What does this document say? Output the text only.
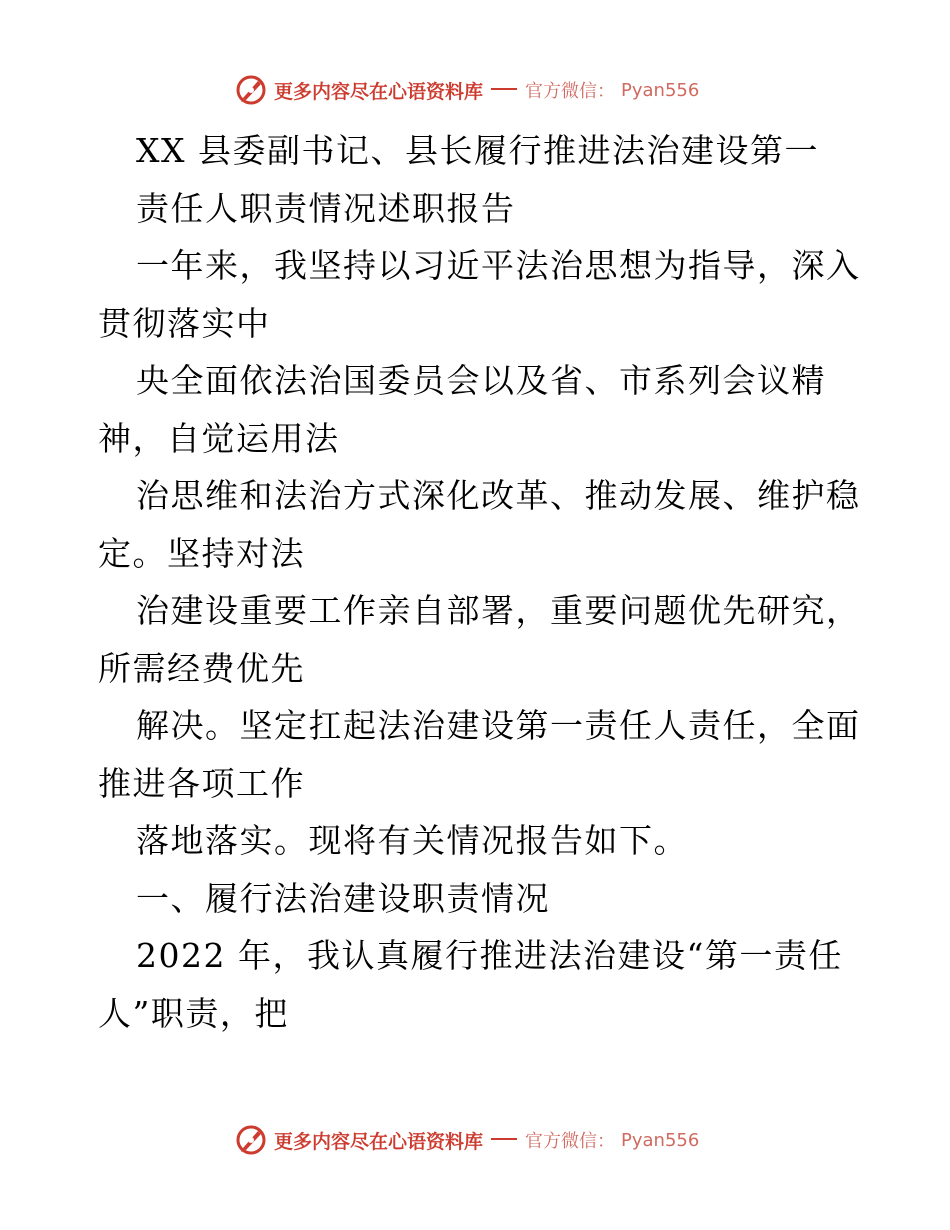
更多内容尽在心语资料库 官方微信： Pyan556
XX 县委副书记、县长履行推进法治建设第一
责任人职责情况述职报告
一年来，我坚持以习近平法治思想为指导，深入
贯彻落实中
央全面依法治国委员会以及省、市系列会议精
神，自觉运用法
治思维和法治方式深化改革、推动发展、维护稳
定。坚持对法
治建设重要工作亲自部署，重要问题优先研究，
所需经费优先
解决。坚定扛起法治建设第一责任人责任，全面
推进各项工作
落地落实。现将有关情况报告如下。
一、履行法治建设职责情况
2022 年，我认真履行推进法治建设“第一责任
人”职责，把
更多内容尽在心语资料库 官方微信： Pyan556
